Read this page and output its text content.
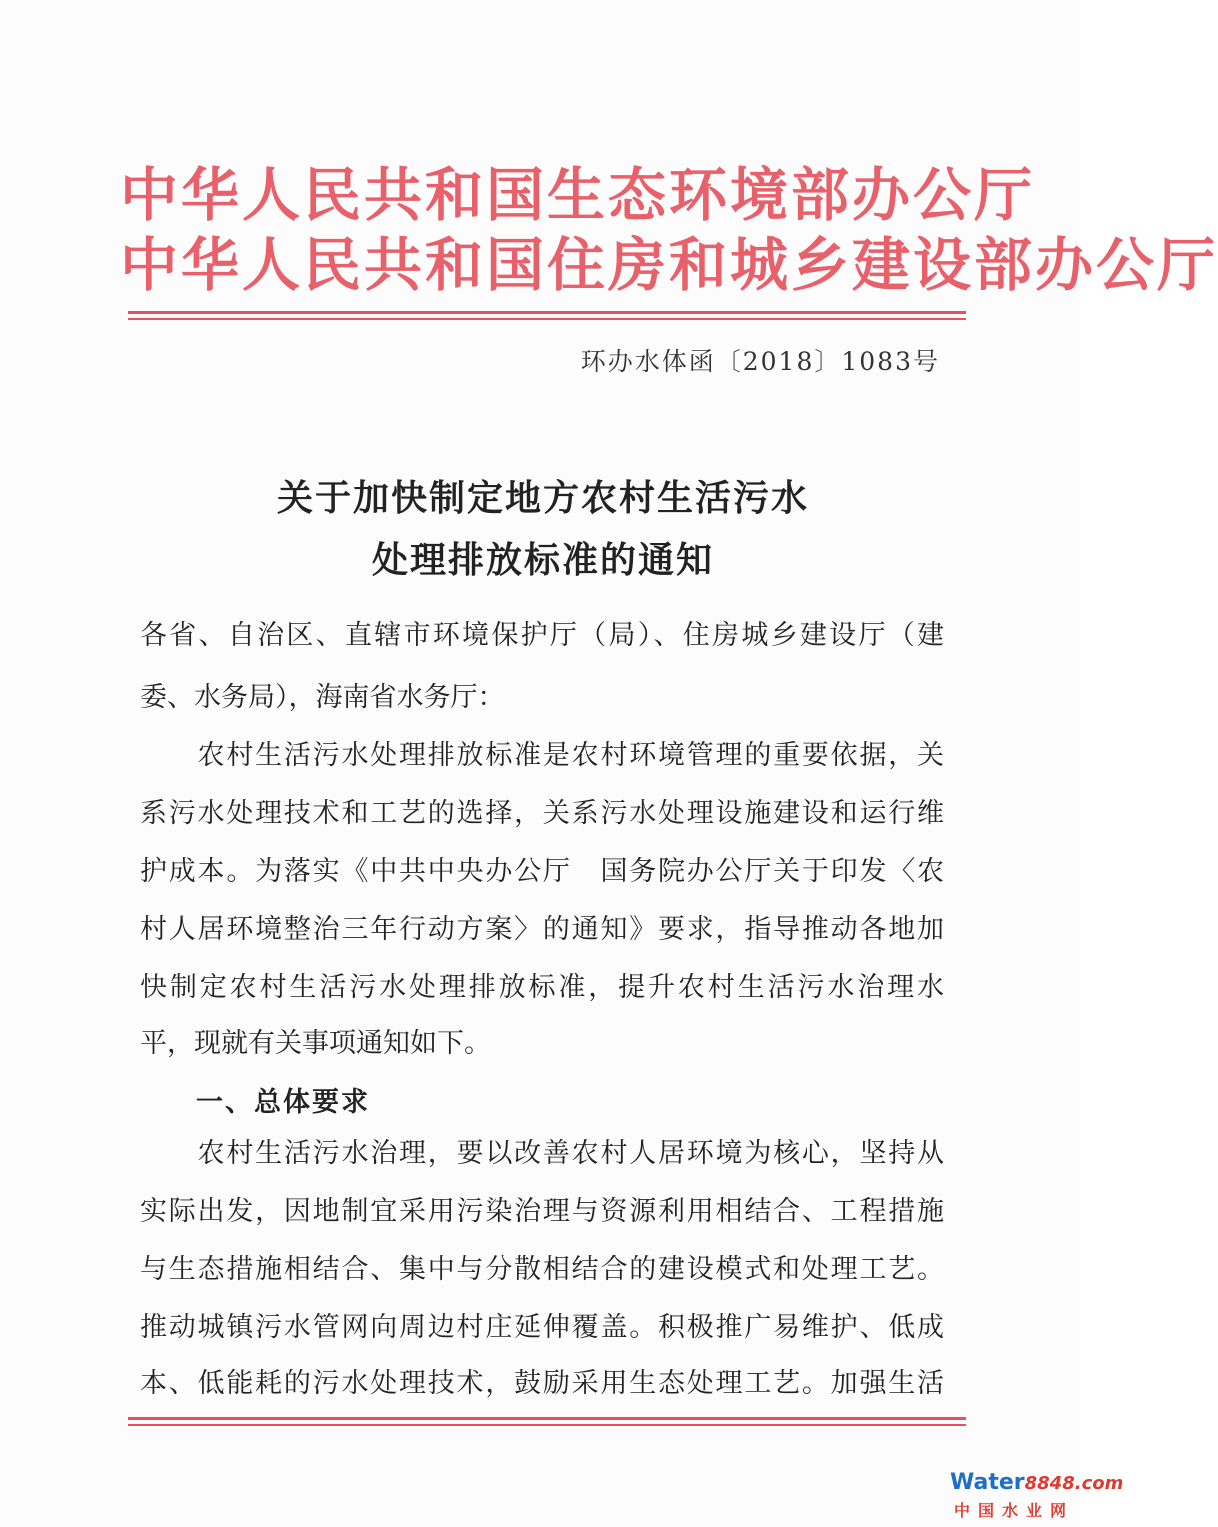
中华人民共和国生态环境部办公厅
中华人民共和国住房和城乡建设部办公厅
环办水体函〔2018〕1083号
关于加快制定地方农村生活污水
处理排放标准的通知
各省、自治区、直辖市环境保护厅（局）、住房城乡建设厅（建
委、水务局），海南省水务厅：
　　农村生活污水处理排放标准是农村环境管理的重要依据，关
系污水处理技术和工艺的选择，关系污水处理设施建设和运行维
护成本。为落实《中共中央办公厅　国务院办公厅关于印发〈农
村人居环境整治三年行动方案〉的通知》要求，指导推动各地加
快制定农村生活污水处理排放标准，提升农村生活污水治理水
平，现就有关事项通知如下。
一、总体要求
　　农村生活污水治理，要以改善农村人居环境为核心，坚持从
实际出发，因地制宜采用污染治理与资源利用相结合、工程措施
与生态措施相结合、集中与分散相结合的建设模式和处理工艺。
推动城镇污水管网向周边村庄延伸覆盖。积极推广易维护、低成
本、低能耗的污水处理技术，鼓励采用生态处理工艺。加强生活
Water8848.com
中国水业网
